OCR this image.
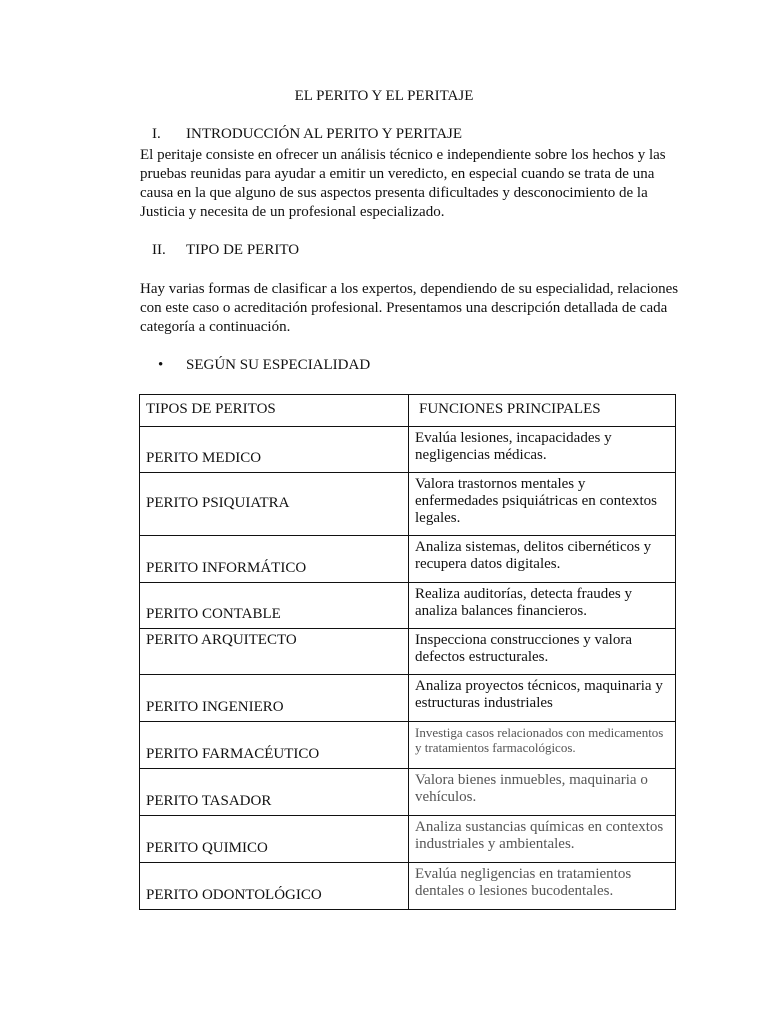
EL PERITO Y EL PERITAJE
I.	INTRODUCCIÓN AL PERITO Y PERITAJE
El peritaje consiste en ofrecer un análisis técnico e independiente sobre los hechos y las pruebas reunidas para ayudar a emitir un veredicto, en especial cuando se trata de una causa en la que alguno de sus aspectos presenta dificultades y desconocimiento de la Justicia y necesita de un profesional especializado.
II.	TIPO DE PERITO
Hay varias formas de clasificar a los expertos, dependiendo de su especialidad, relaciones con este caso o acreditación profesional. Presentamos una descripción detallada de cada categoría a continuación.
•	SEGÚN SU ESPECIALIDAD
TIPOS DE PERITOS	FUNCIONES PRINCIPALES
PERITO MEDICO	Evalúa lesiones, incapacidades y negligencias médicas.
PERITO PSIQUIATRA	Valora trastornos mentales y enfermedades psiquiátricas en contextos legales.
PERITO INFORMÁTICO	Analiza sistemas, delitos cibernéticos y recupera datos digitales.
PERITO CONTABLE	Realiza auditorías, detecta fraudes y analiza balances financieros.
PERITO ARQUITECTO	Inspecciona construcciones y valora defectos estructurales.
PERITO INGENIERO	Analiza proyectos técnicos, maquinaria y estructuras industriales
PERITO FARMACÉUTICO	Investiga casos relacionados con medicamentos y tratamientos farmacológicos.
PERITO TASADOR	Valora bienes inmuebles, maquinaria o vehículos.
PERITO QUIMICO	Analiza sustancias químicas en contextos industriales y ambientales.
PERITO ODONTOLÓGICO	Evalúa negligencias en tratamientos dentales o lesiones bucodentales.
